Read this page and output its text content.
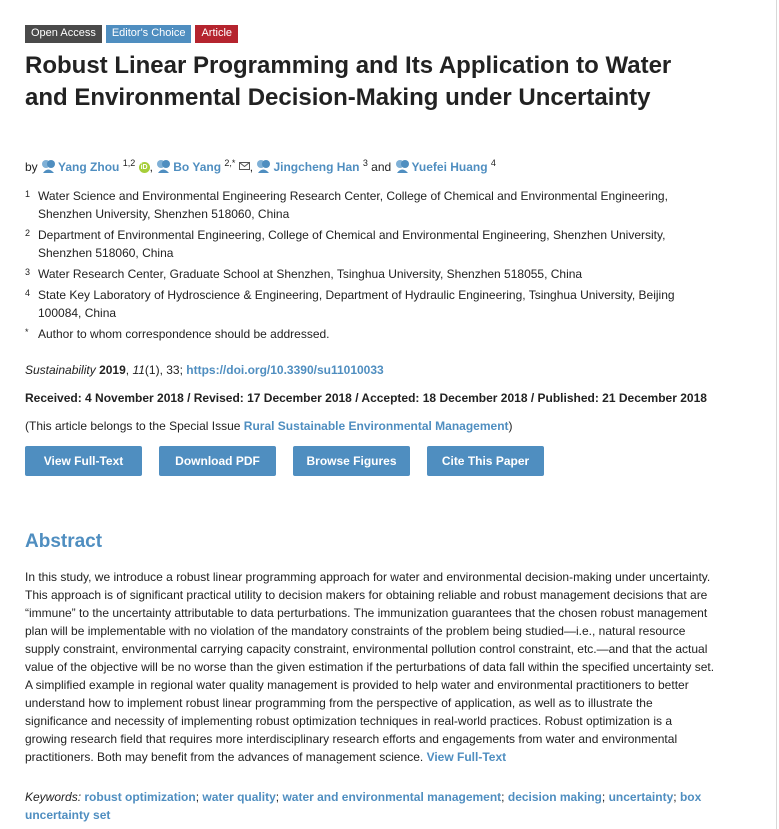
Open Access	Editor's Choice	Article
Robust Linear Programming and Its Application to Water and Environmental Decision-Making under Uncertainty
by Yang Zhou $^{1,2}$ iD , Bo Yang $^{2,*}$ , Jingcheng Han $^3$ and Yuefei Huang $^4$
1 Water Science and Environmental Engineering Research Center, College of Chemical and Environmental Engineering, Shenzhen University, Shenzhen 518060, China
2 Department of Environmental Engineering, College of Chemical and Environmental Engineering, Shenzhen University, Shenzhen 518060, China
3 Water Research Center, Graduate School at Shenzhen, Tsinghua University, Shenzhen 518055, China
4 State Key Laboratory of Hydroscience & Engineering, Department of Hydraulic Engineering, Tsinghua University, Beijing 100084, China
* Author to whom correspondence should be addressed.
Sustainability 2019, 11(1), 33; https://doi.org/10.3390/su11010033
Received: 4 November 2018 / Revised: 17 December 2018 / Accepted: 18 December 2018 / Published: 21 December 2018
(This article belongs to the Special Issue Rural Sustainable Environmental Management)
View Full-Text	Download PDF	Browse Figures	Cite This Paper
Abstract

In this study, we introduce a robust linear programming approach for water and environmental decision-making under uncertainty. This approach is of significant practical utility to decision makers for obtaining reliable and robust management decisions that are “immune” to the uncertainty attributable to data perturbations. The immunization guarantees that the chosen robust management plan will be implementable with no violation of the mandatory constraints of the problem being studied—i.e., natural resource supply constraint, environmental carrying capacity constraint, environmental pollution control constraint, etc.—and that the actual value of the objective will be no worse than the given estimation if the perturbations of data fall within the specified uncertainty set. A simplified example in regional water quality management is provided to help water and environmental practitioners to better understand how to implement robust linear programming from the perspective of application, as well as to illustrate the significance and necessity of implementing robust optimization techniques in real-world practices. Robust optimization is a growing research field that requires more interdisciplinary research efforts and engagements from water and environmental practitioners. Both may benefit from the advances of management science. View Full-Text

Keywords: robust optimization; water quality; water and environmental management; decision making; uncertainty; box uncertainty set
